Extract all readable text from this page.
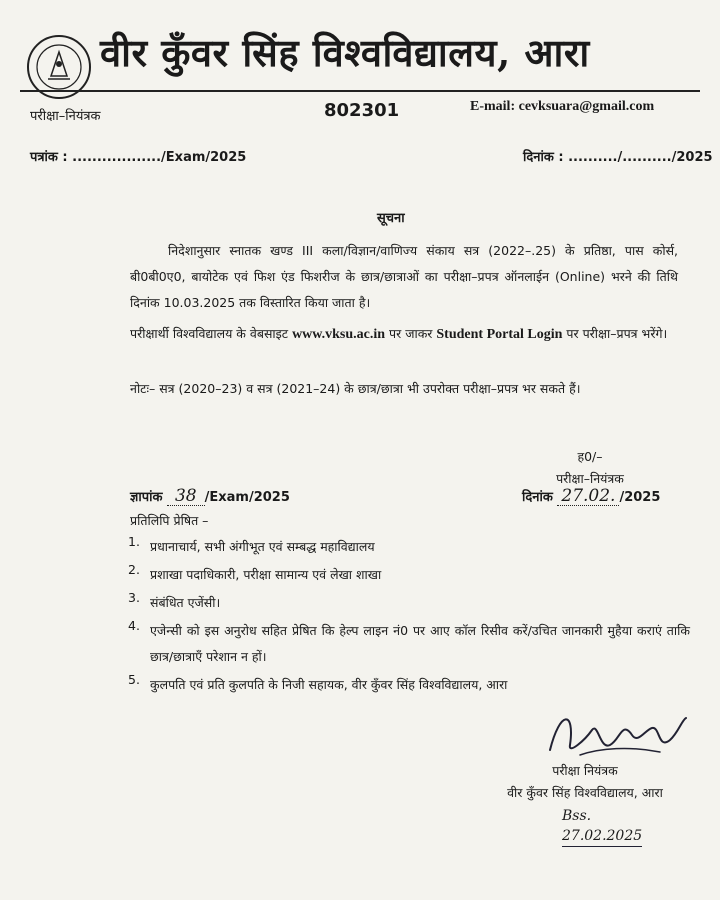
वीर कुँवर सिंह विश्वविद्यालय, आरा
परीक्षा–नियंत्रक	802301	E-mail: cevksuara@gmail.com
पत्रांक : ................../Exam/2025	दिनांक : ........../........../2025
सूचना
निदेशानुसार स्नातक खण्ड III कला/विज्ञान/वाणिज्य संकाय सत्र (2022–.25) के प्रतिष्ठा, पास कोर्स, बी0बी0ए0, बायोटेक एवं फिश एंड फिशरीज के छात्र/छात्राओं का परीक्षा–प्रपत्र ऑनलाईन (Online) भरने की तिथि दिनांक 10.03.2025 तक विस्तारित किया जाता है।
परीक्षार्थी विश्वविद्यालय के वेबसाइट www.vksu.ac.in पर जाकर Student Portal Login पर परीक्षा–प्रपत्र भरेंगे।
नोटः– सत्र (2020–23) व सत्र (2021–24) के छात्र/छात्रा भी उपरोक्त परीक्षा–प्रपत्र भर सकते हैं।
ह0/–
परीक्षा–नियंत्रक
ज्ञापांक 38 /Exam/2025	दिनांक 27.02. /2025
प्रतिलिपि प्रेषित –
1. प्रधानाचार्य, सभी अंगीभूत एवं सम्बद्ध महाविद्यालय
2. प्रशाखा पदाधिकारी, परीक्षा सामान्य एवं लेखा शाखा
3. संबंधित एजेंसी।
4. एजेन्सी को इस अनुरोध सहित प्रेषित कि हेल्प लाइन नं0 पर आए कॉल रिसीव करें/उचित जानकारी मुहैया कराएं ताकि छात्र/छात्राएँ परेशान न हों।
5. कुलपति एवं प्रति कुलपति के निजी सहायक, वीर कुँवर सिंह विश्वविद्यालय, आरा
परीक्षा नियंत्रक
वीर कुँवर सिंह विश्वविद्यालय, आरा
Bss.
27.02.2025
